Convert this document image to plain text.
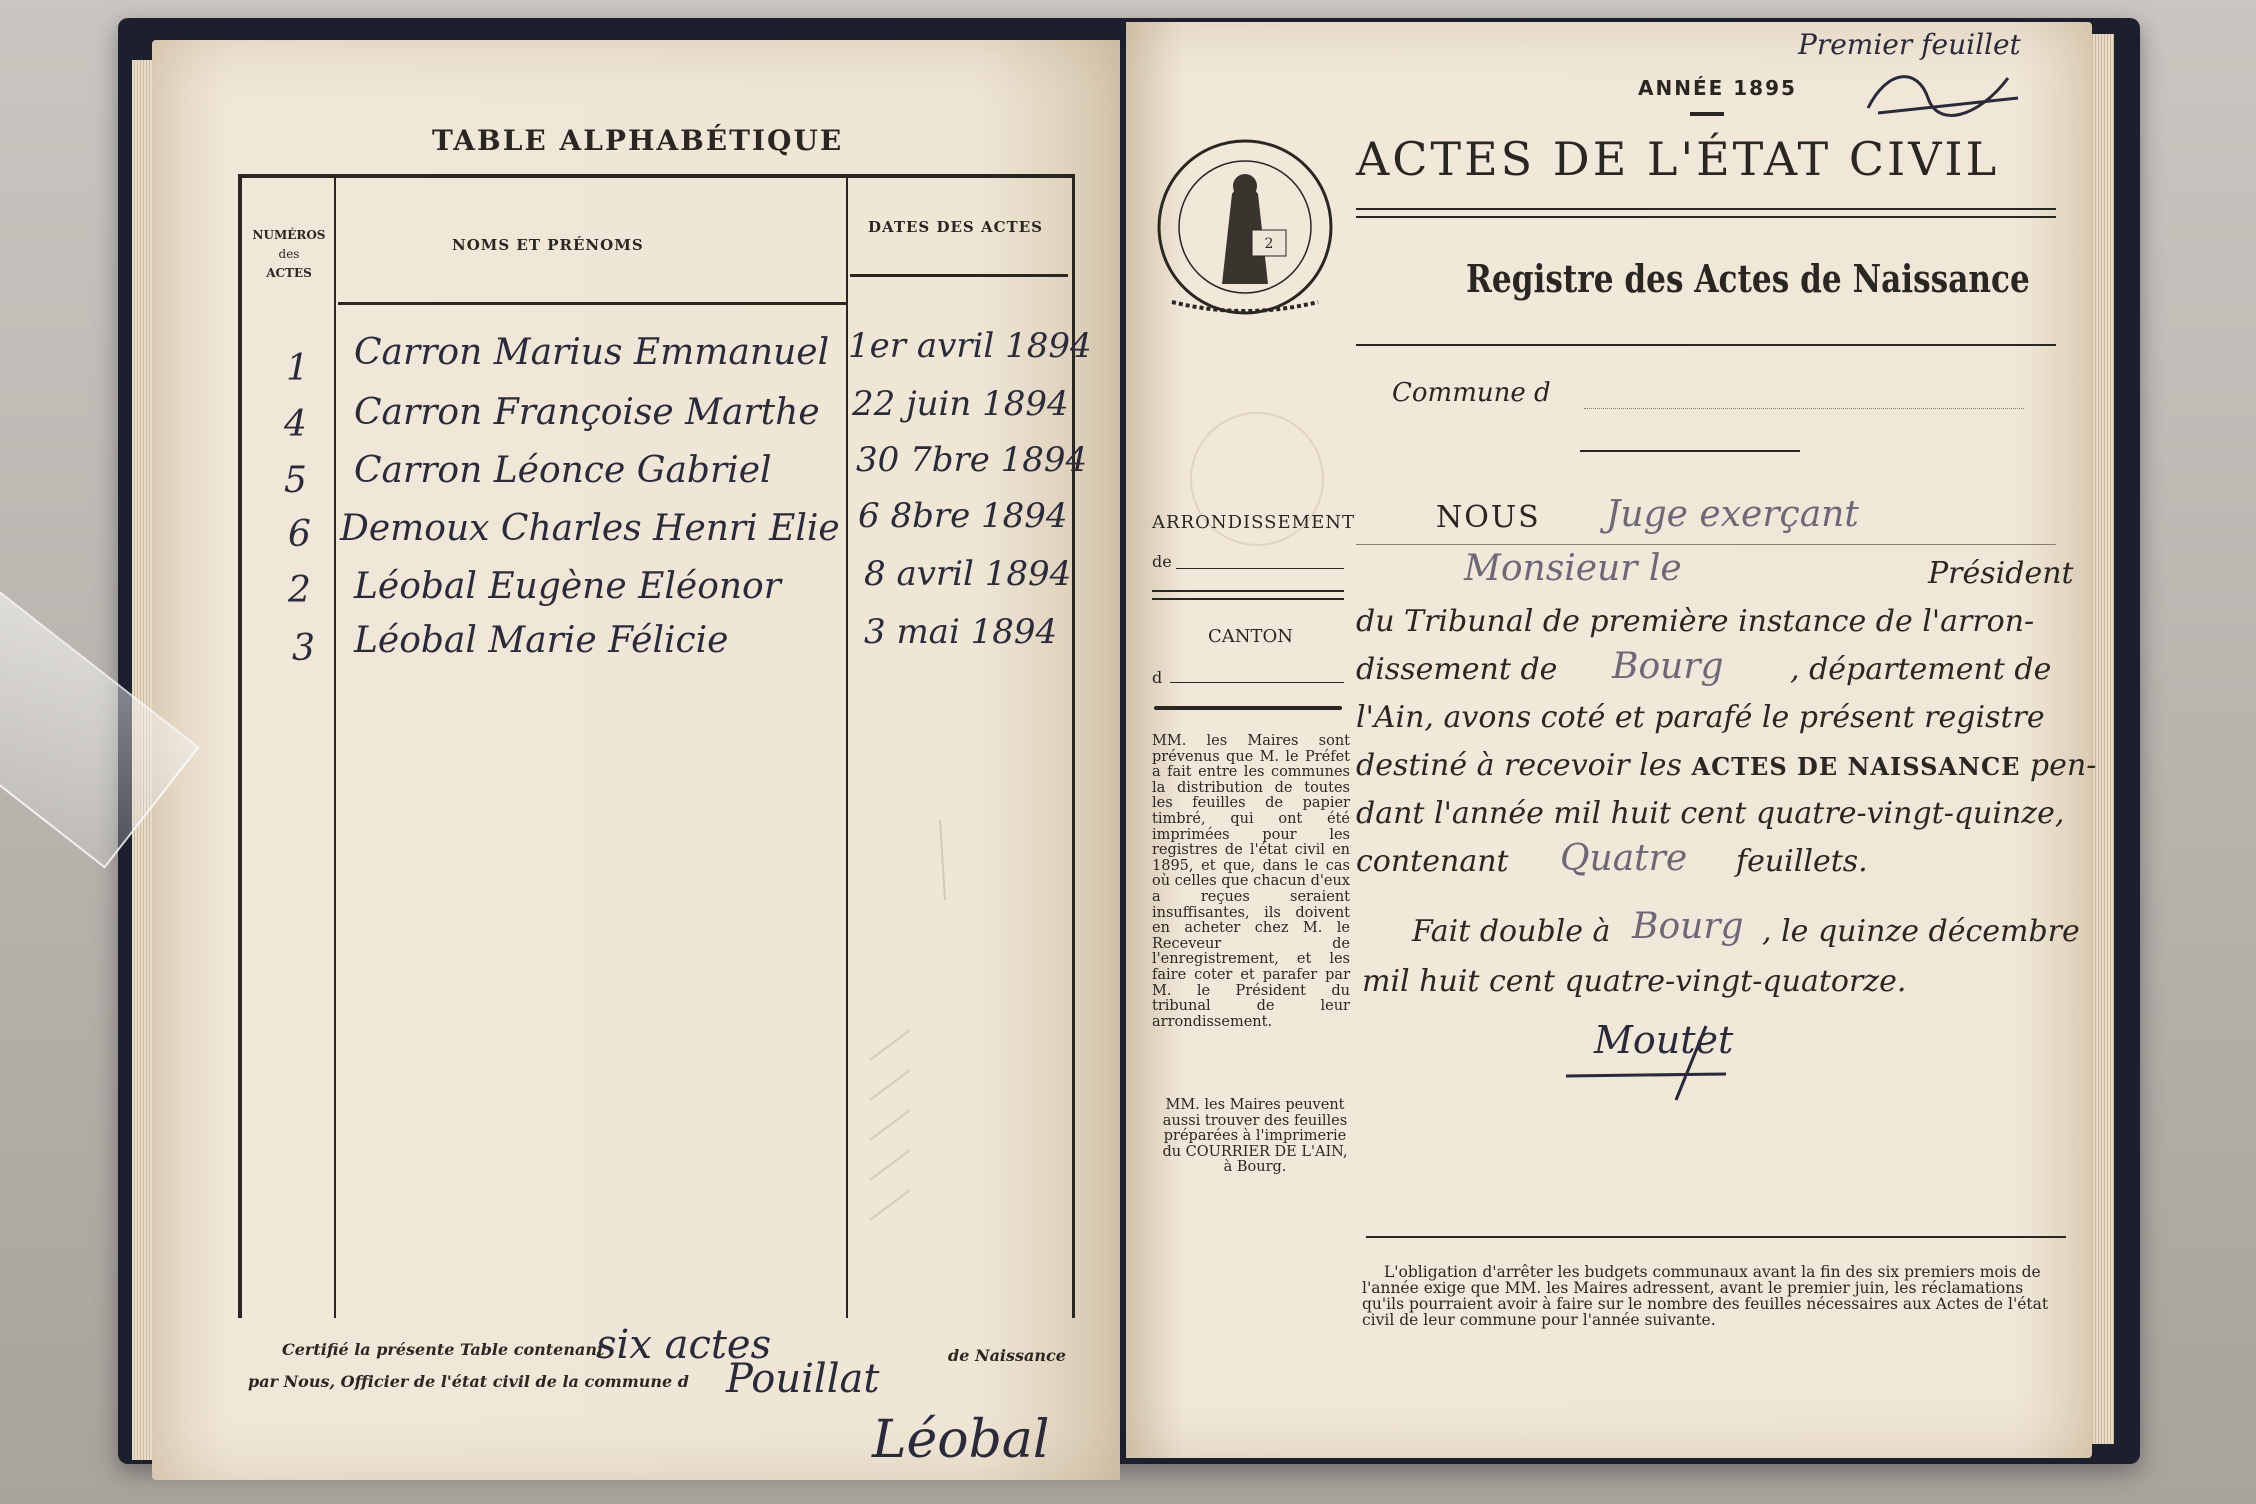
TABLE ALPHABÉTIQUE
NUMÉROS
des
ACTES
NOMS ET PRÉNOMS
DATES DES ACTES
1 Carron Marius Emmanuel 1er avril 1894
4 Carron Françoise Marthe 22 juin 1894
5 Carron Léonce Gabriel 30 7bre 1894
6 Demoux Charles Henri Elie 6 8bre 1894
2 Léobal Eugène Eléonor 8 avril 1894
3 Léobal Marie Félicie	3 mai 1894
Certifié la présente Table contenant
six actes	de Naissance
par Nous, Officier de l'état civil de la commune d Pouillat
Léobal
Premier feuillet
ANNÉE 1895
ACTES DE L'ÉTAT CIVIL
Registre des Actes de Naissance
2
Commune d
ARRONDISSEMENT
de
CANTON
d
MM. les Maires sont prévenus que M. le Préfet a fait entre les communes la distribution de toutes les feuilles de papier timbré, qui ont été imprimées pour les registres de l'état civil en 1895, et que, dans le cas où celles que chacun d'eux a reçues seraient insuffisantes, ils doivent en acheter chez M. le Receveur de l'enregistrement, et les faire coter et parafer par M. le Président du tribunal de leur arrondissement.
MM. les Maires peuvent aussi trouver des feuilles préparées à l'imprimerie du COURRIER DE L'AIN, à Bourg.
NOUS Juge exerçant
Monsieur le	Président
du Tribunal de première instance de l'arron-
dissement de Bourg , département de
l'Ain, avons coté et parafé le présent registre
destiné à recevoir les ACTES DE NAISSANCE pen-
dant l'année mil huit cent quatre-vingt-quinze,
contenant Quatre feuillets.
Fait double à Bourg , le quinze décembre
mil huit cent quatre-vingt-quatorze.
Moutet
L'obligation d'arrêter les budgets communaux avant la fin des six premiers mois de l'année exige que MM. les Maires adressent, avant le premier juin, les réclamations qu'ils pourraient avoir à faire sur le nombre des feuilles nécessaires aux Actes de l'état civil de leur commune pour l'année suivante.
